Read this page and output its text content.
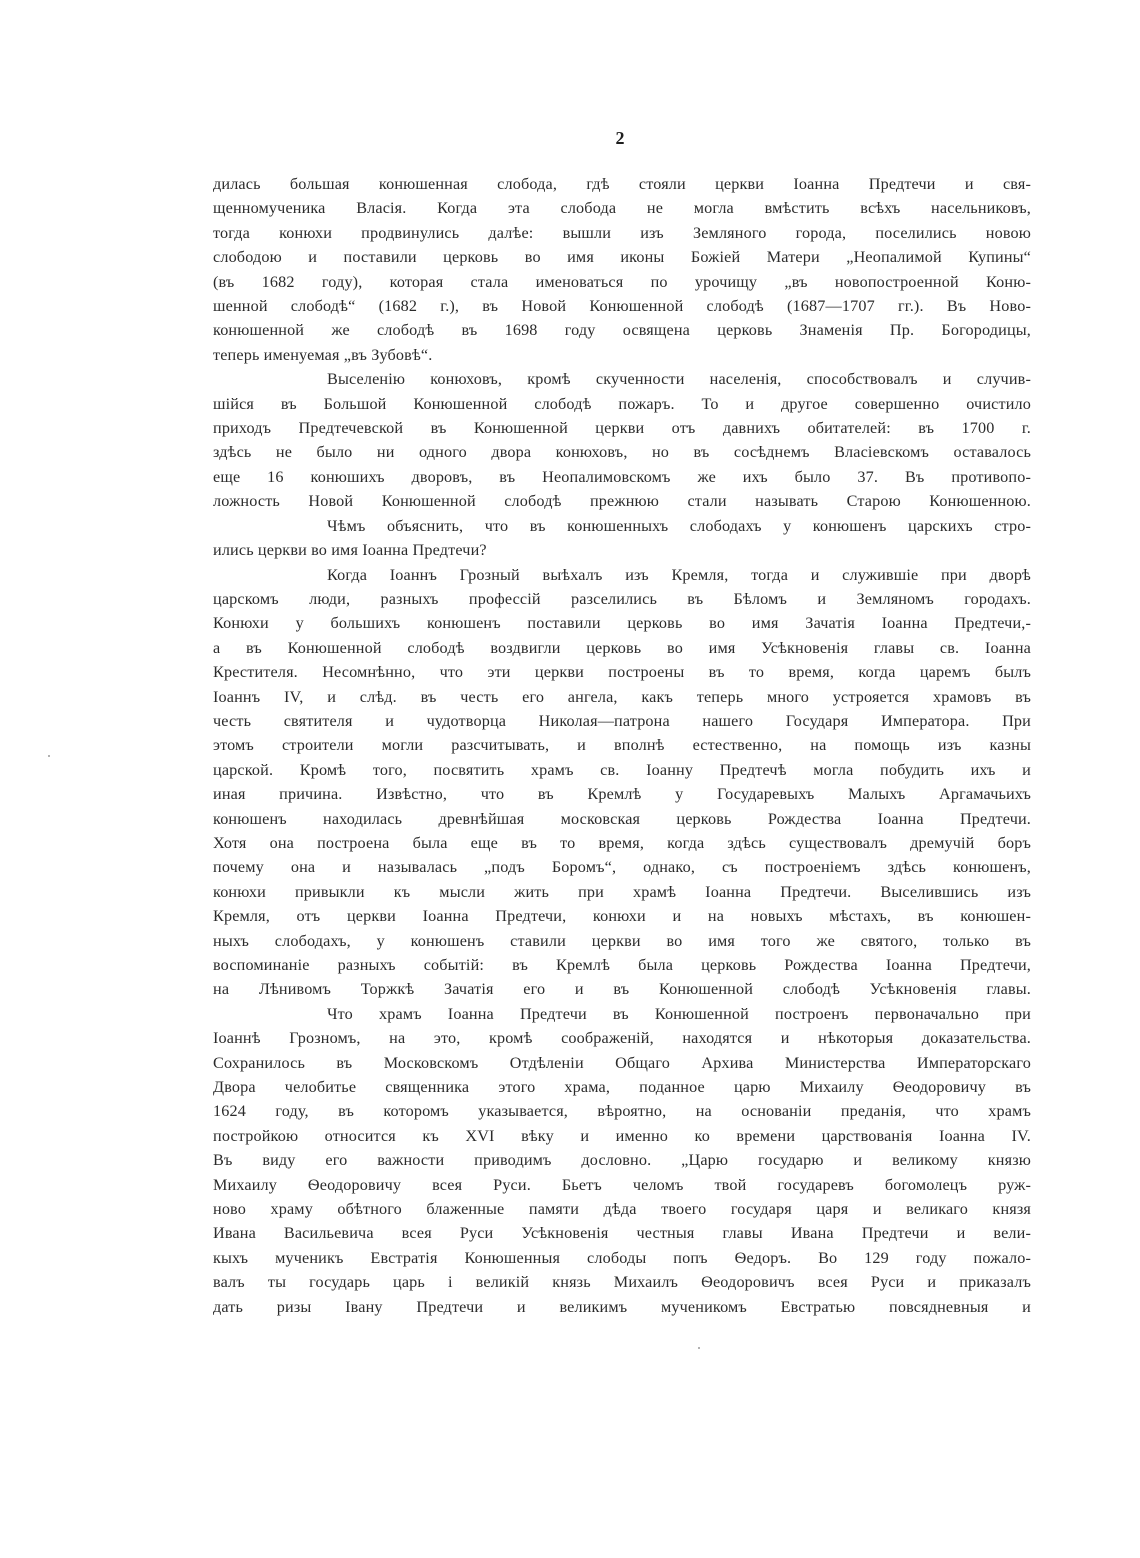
2
дилась большая конюшенная слобода, гдѣ стояли церкви Іоанна Предтечи и свя-
щенномученика Власія. Когда эта слобода не могла вмѣстить всѣхъ насельниковъ,
тогда конюхи продвинулись далѣе: вышли изъ Земляного города, поселились новою
слободою и поставили церковь во имя иконы Божіей Матери „Неопалимой Купины“
(въ 1682 году), которая стала именоваться по урочищу „въ новопостроенной Коню-
шенной слободѣ“ (1682 г.), въ Новой Конюшенной слободѣ (1687—1707 гг.). Въ Ново-
конюшенной же слободѣ въ 1698 году освящена церковь Знаменія Пр. Богородицы,
теперь именуемая „въ Зубовѣ“.
Выселенію конюховъ, кромѣ скученности населенія, способствовалъ и случив-
шійся въ Большой Конюшенной слободѣ пожаръ. То и другое совершенно очистило
приходъ Предтечевской въ Конюшенной церкви отъ давнихъ обитателей: въ 1700 г.
здѣсь не было ни одного двора конюховъ, но въ сосѣднемъ Власіевскомъ оставалось
еще 16 конюшихъ дворовъ, въ Неопалимовскомъ же ихъ было 37. Въ противопо-
ложность Новой Конюшенной слободѣ прежнюю стали называть Старою Конюшенною.
Чѣмъ объяснить, что въ конюшенныхъ слободахъ у конюшенъ царскихъ стро-
ились церкви во имя Іоанна Предтечи?
Когда Іоаннъ Грозный выѣхалъ изъ Кремля, тогда и служившіе при дворѣ
царскомъ люди, разныхъ профессій разселились въ Бѣломъ и Земляномъ городахъ.
Конюхи у большихъ конюшенъ поставили церковь во имя Зачатія Іоанна Предтечи,-
а въ Конюшенной слободѣ воздвигли церковь во имя Усѣкновенія главы св. Іоанна
Крестителя. Несомнѣнно, что эти церкви построены въ то время, когда царемъ былъ
Іоаннъ IV, и слѣд. въ честь его ангела, какъ теперь много устрояется храмовъ въ
честь святителя и чудотворца Николая—патрона нашего Государя Императора. При
этомъ строители могли разсчитывать, и вполнѣ естественно, на помощь изъ казны
царской. Кромѣ того, посвятить храмъ св. Іоанну Предтечѣ могла побудить ихъ и
иная причина. Извѣстно, что въ Кремлѣ у Государевыхъ Малыхъ Аргамачьихъ
конюшенъ находилась древнѣйшая московская церковь Рождества Іоанна Предтечи.
Хотя она построена была еще въ то время, когда здѣсь существовалъ дремучій боръ
почему она и называлась „подъ Боромъ“, однако, съ построеніемъ здѣсь конюшенъ,
конюхи привыкли къ мысли жить при храмѣ Іоанна Предтечи. Выселившись изъ
Кремля, отъ церкви Іоанна Предтечи, конюхи и на новыхъ мѣстахъ, въ конюшен-
ныхъ слободахъ, у конюшенъ ставили церкви во имя того же святого, только въ
воспоминаніе разныхъ событій: въ Кремлѣ была церковь Рождества Іоанна Предтечи,
на Лѣнивомъ Торжкѣ Зачатія его и въ Конюшенной слободѣ Усѣкновенія главы.
Что храмъ Іоанна Предтечи въ Конюшенной построенъ первоначально при
Іоаннѣ Грозномъ, на это, кромѣ соображеній, находятся и нѣкоторыя доказательства.
Сохранилось въ Московскомъ Отдѣленіи Общаго Архива Министерства Императорскаго
Двора челобитье священника этого храма, поданное царю Михаилу Ѳеодоровичу въ
1624 году, въ которомъ указывается, вѣроятно, на основаніи преданія, что храмъ
постройкою относится къ XVI вѣку и именно ко времени царствованія Іоанна IV.
Въ виду его важности приводимъ дословно. „Царю государю и великому князю
Михаилу Ѳеодоровичу всея Руси. Бьетъ челомъ твой государевъ богомолецъ руж-
ново храму обѣтного блаженные памяти дѣда твоего государя царя и великаго князя
Ивана Васильевича всея Руси Усѣкновенія честныя главы Ивана Предтечи и вели-
кыхъ мученикъ Евстратія Конюшенныя слободы попъ Ѳедоръ. Во 129 году пожало-
валъ ты государь царь і великій князь Михаилъ Ѳеодоровичъ всея Руси и приказалъ
дать ризы Івану Предтечи и великимъ мученикомъ Евстратью повсядневныя и
